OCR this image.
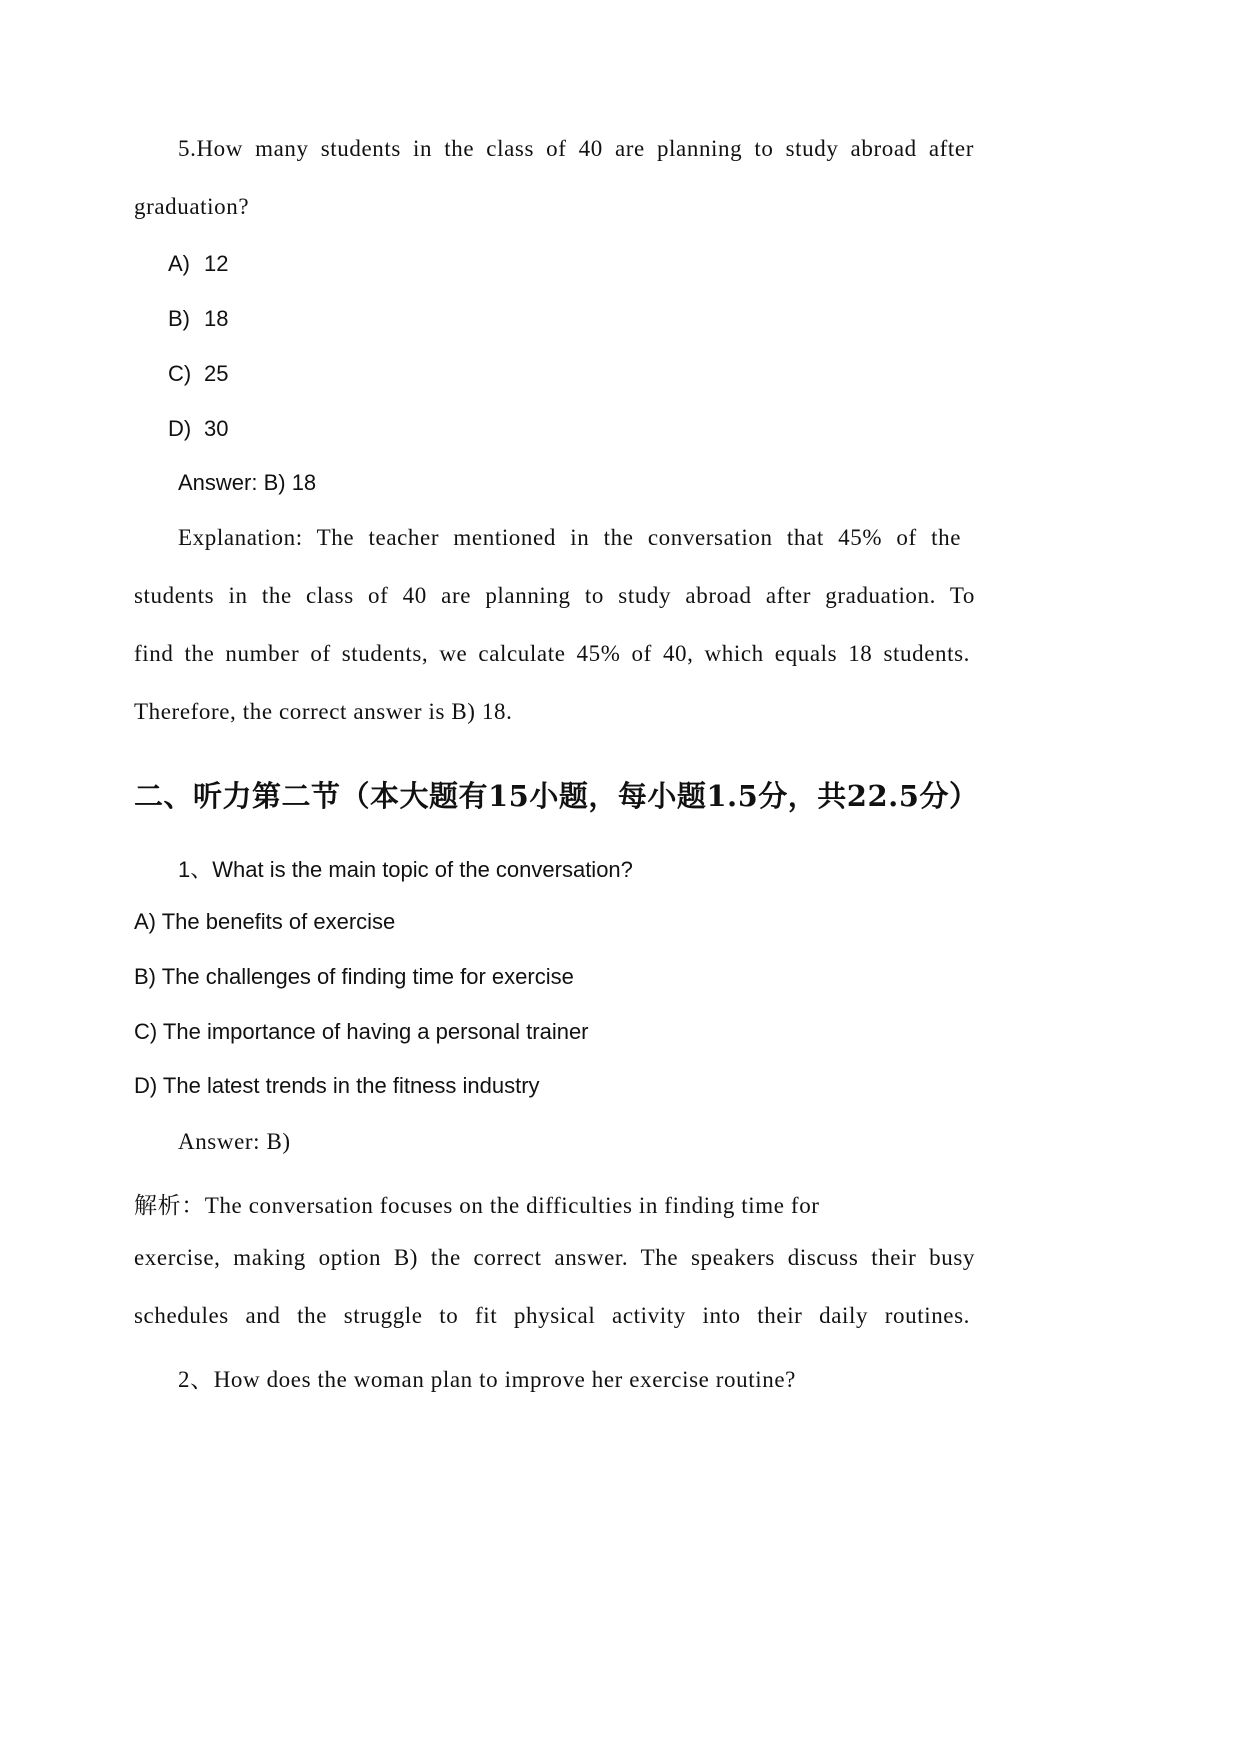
5.How many students in the class of 40 are planning to study abroad after
graduation?
A) 12
B) 18
C) 25
D) 30
Answer: B) 18
Explanation: The teacher mentioned in the conversation that 45% of the
students in the class of 40 are planning to study abroad after graduation. To
find the number of students, we calculate 45% of 40, which equals 18 students.
Therefore, the correct answer is B) 18.
二、听力第二节（本大题有15小题，每小题1.5分，共22.5分）
1、What is the main topic of the conversation?
A) The benefits of exercise
B) The challenges of finding time for exercise
C) The importance of having a personal trainer
D) The latest trends in the fitness industry
Answer: B)
解析：The conversation focuses on the difficulties in finding time for
exercise, making option B) the correct answer. The speakers discuss their busy
schedules and the struggle to fit physical activity into their daily routines.
2、How does the woman plan to improve her exercise routine?
